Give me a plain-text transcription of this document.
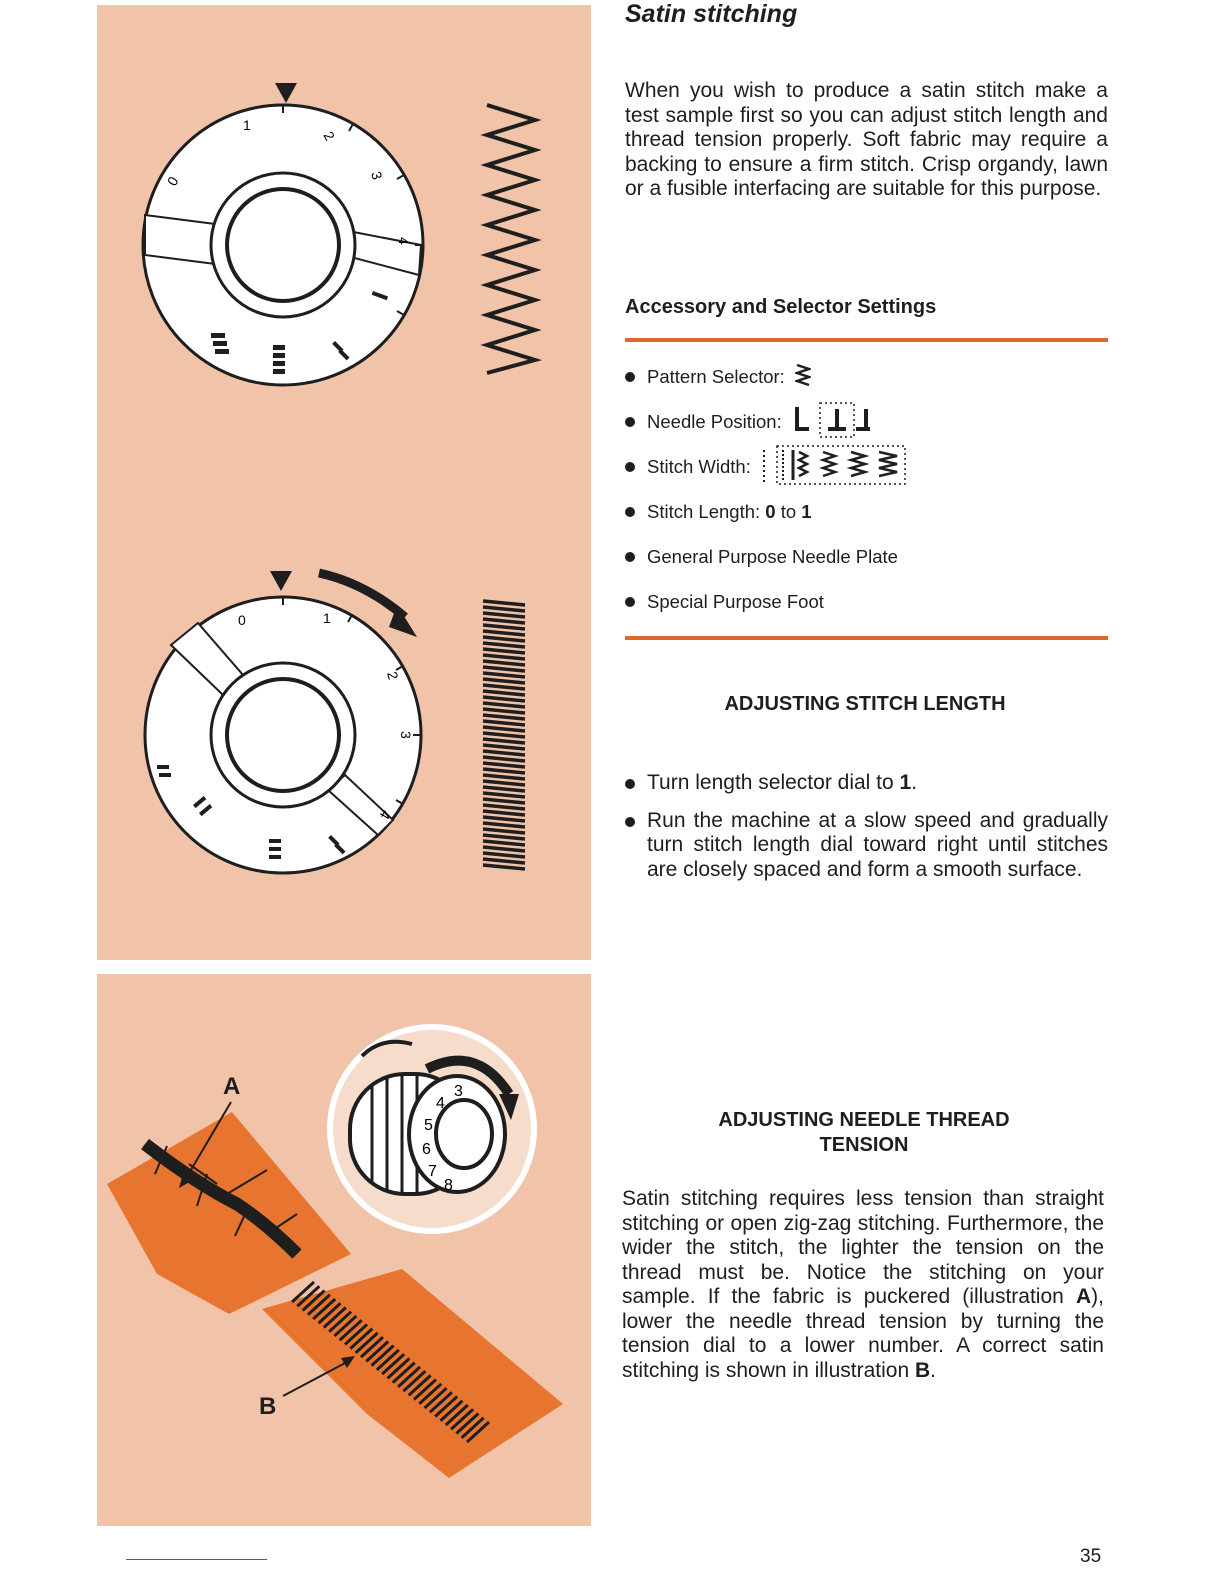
0
1
2
3
4
0	1
2
3
4
3
4
5
6
7
8
A
B
Satin stitching

When you wish to produce a satin stitch make a test sample first so you can adjust stitch length and thread tension properly. Soft fabric may require a backing to ensure a firm stitch. Crisp organdy, lawn or a fusible interfacing are suitable for this purpose.

Accessory and Selector Settings
Pattern Selector:
Needle Position:
Stitch Width:
Stitch Length:
0
to
1
General Purpose Needle Plate
Special Purpose Foot
ADJUSTING STITCH LENGTH
Turn length selector dial to 1.
Run the machine at a slow speed and gradually turn stitch length dial toward right until stitches are closely spaced and form a smooth surface.
ADJUSTING NEEDLE THREAD
TENSION

Satin stitching requires less tension than straight stitching or open zig-zag stitching. Furthermore, the wider the stitch, the lighter the tension on the thread must be. Notice the stitching on your sample. If the fabric is puckered (illustration A), lower the needle thread tension by turning the tension dial to a lower number. A correct satin stitching is shown in illustration B.

35
